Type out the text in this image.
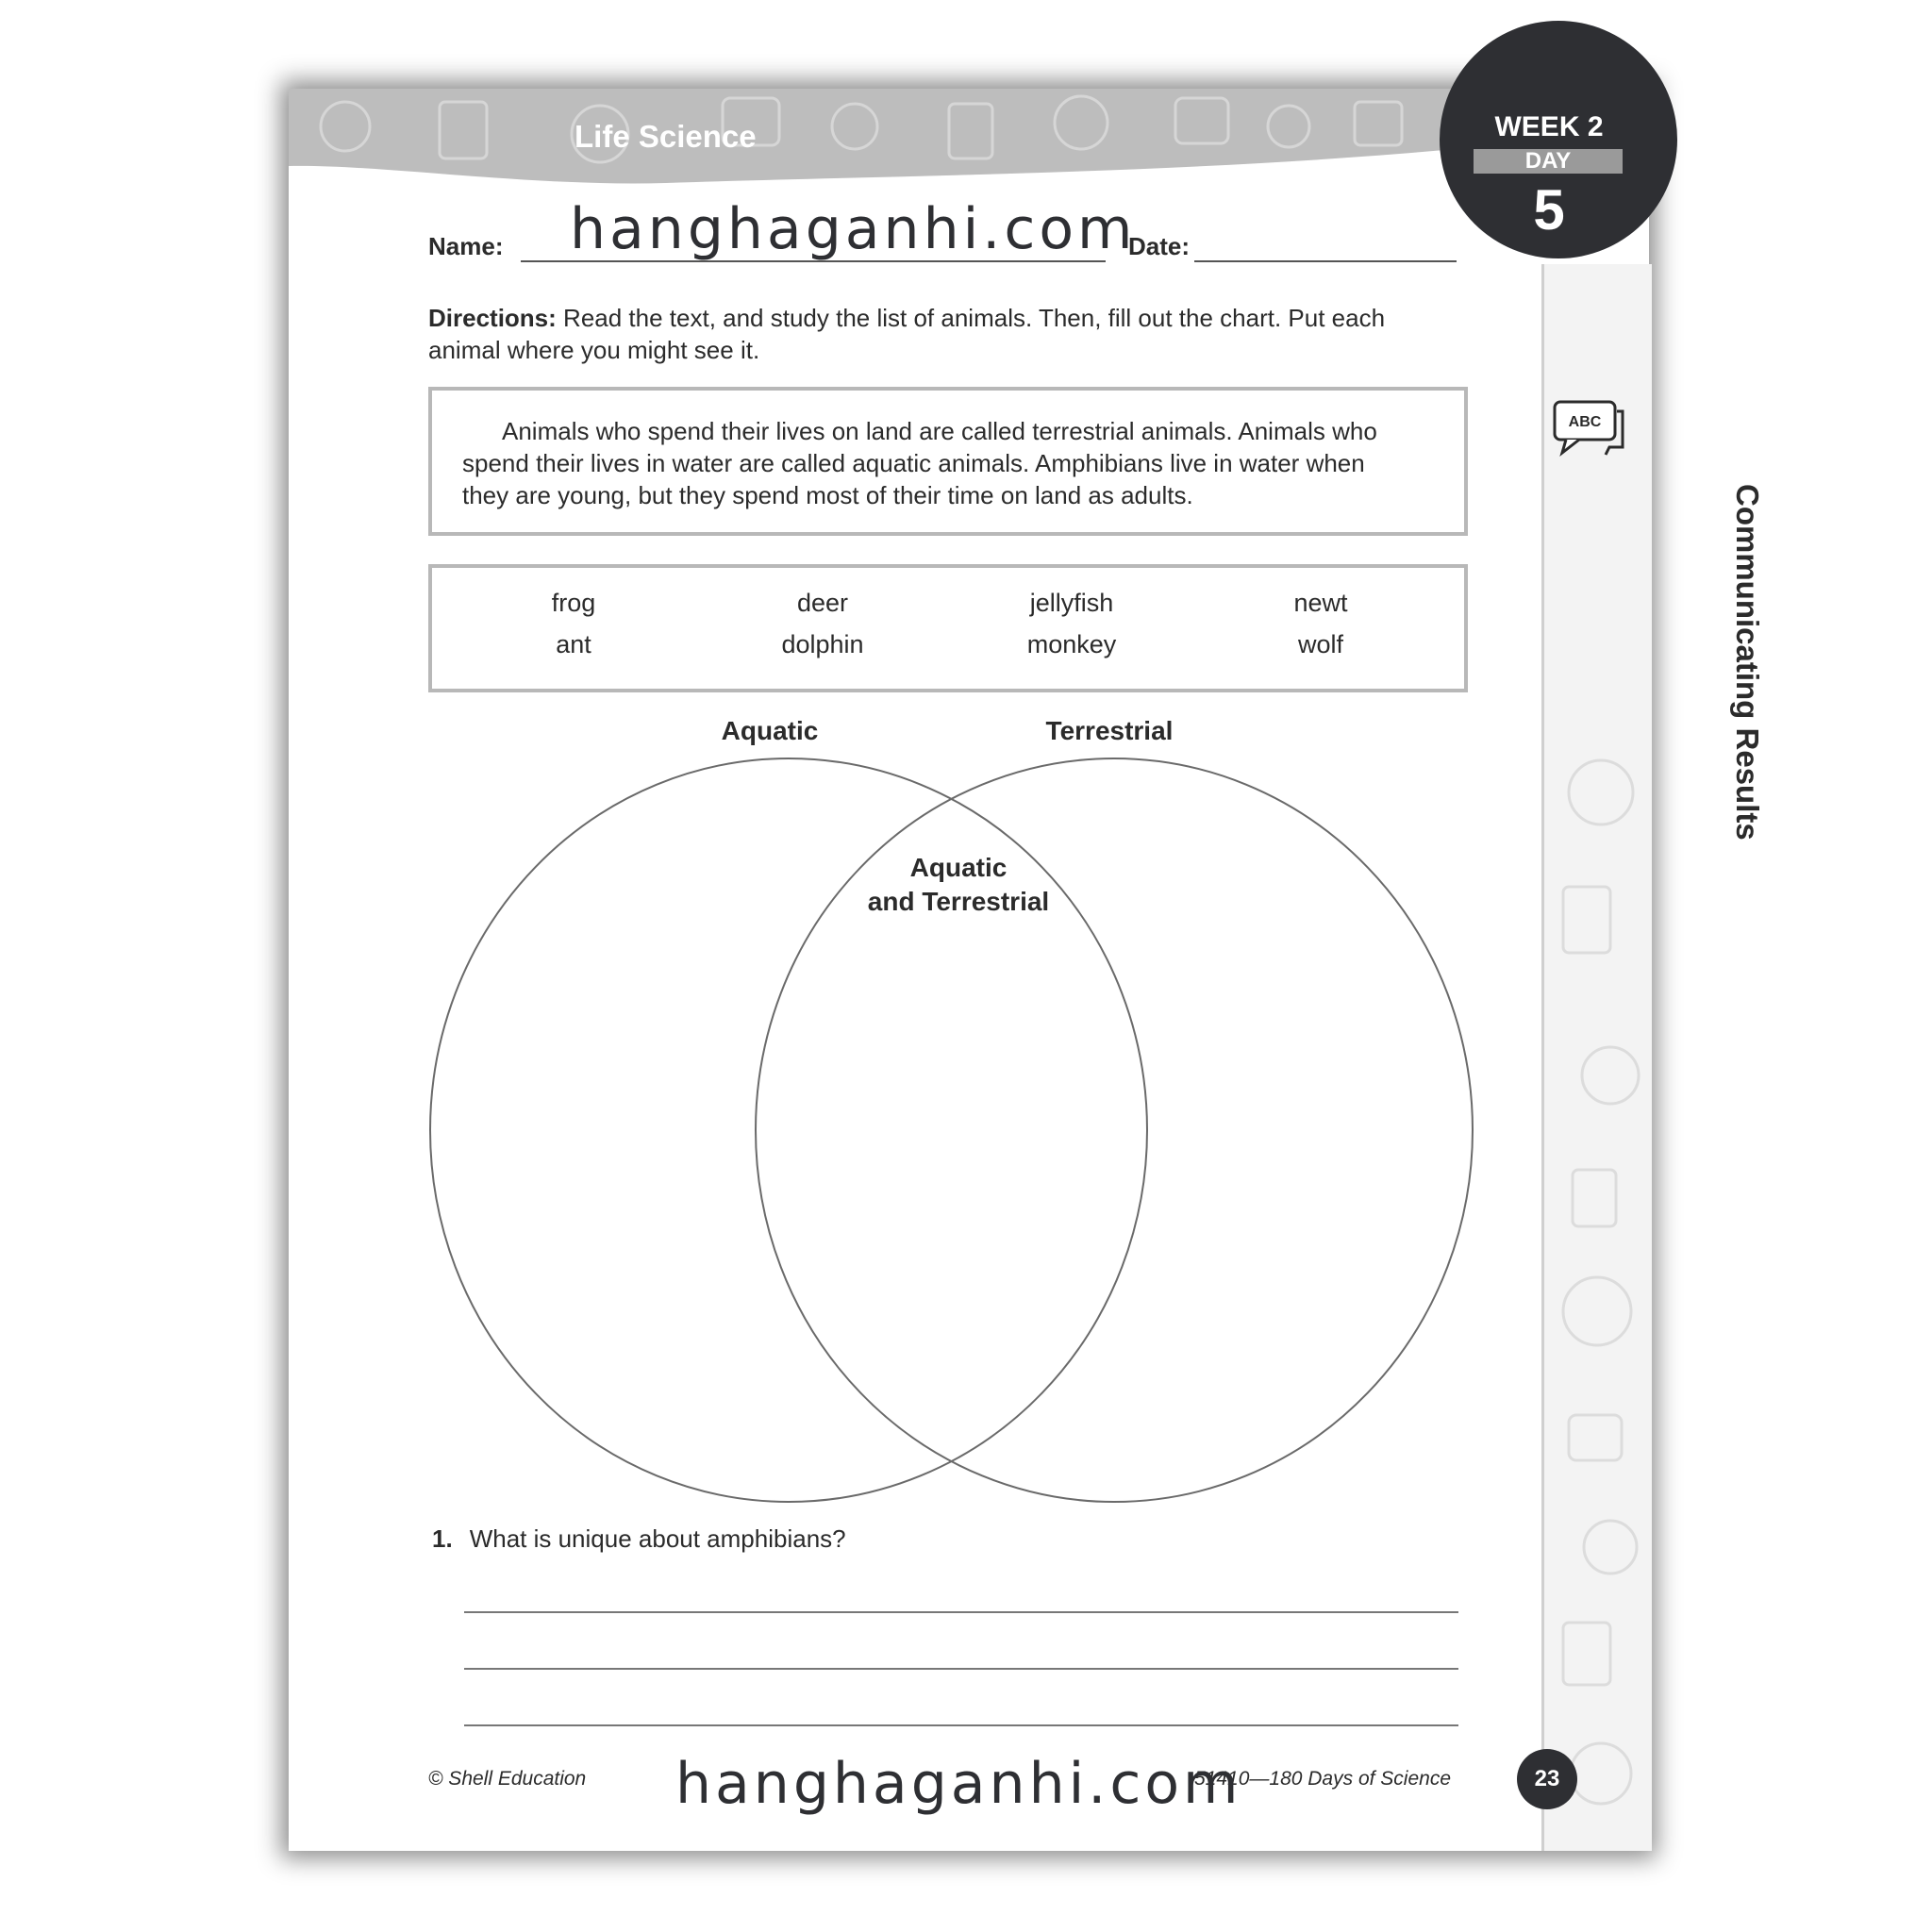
Life Science
ABC
Communicating Results
Name:	Date:
Directions: Read the text, and study the list of animals. Then, fill out the chart. Put each animal where you might see it.
Animals who spend their lives on land are called terrestrial animals. Animals who spend their lives in water are called aquatic animals. Amphibians live in water when they are young, but they spend most of their time on land as adults.
frog	deer	jellyfish	newt
ant	dolphin	monkey	wolf
Aquatic	Terrestrial
Aquatic
and Terrestrial
1. What is unique about amphibians?
© Shell Education	51410—180 Days of Science	23
WEEK 2
DAY
5
hanghaganhi.com
hanghaganhi.com
